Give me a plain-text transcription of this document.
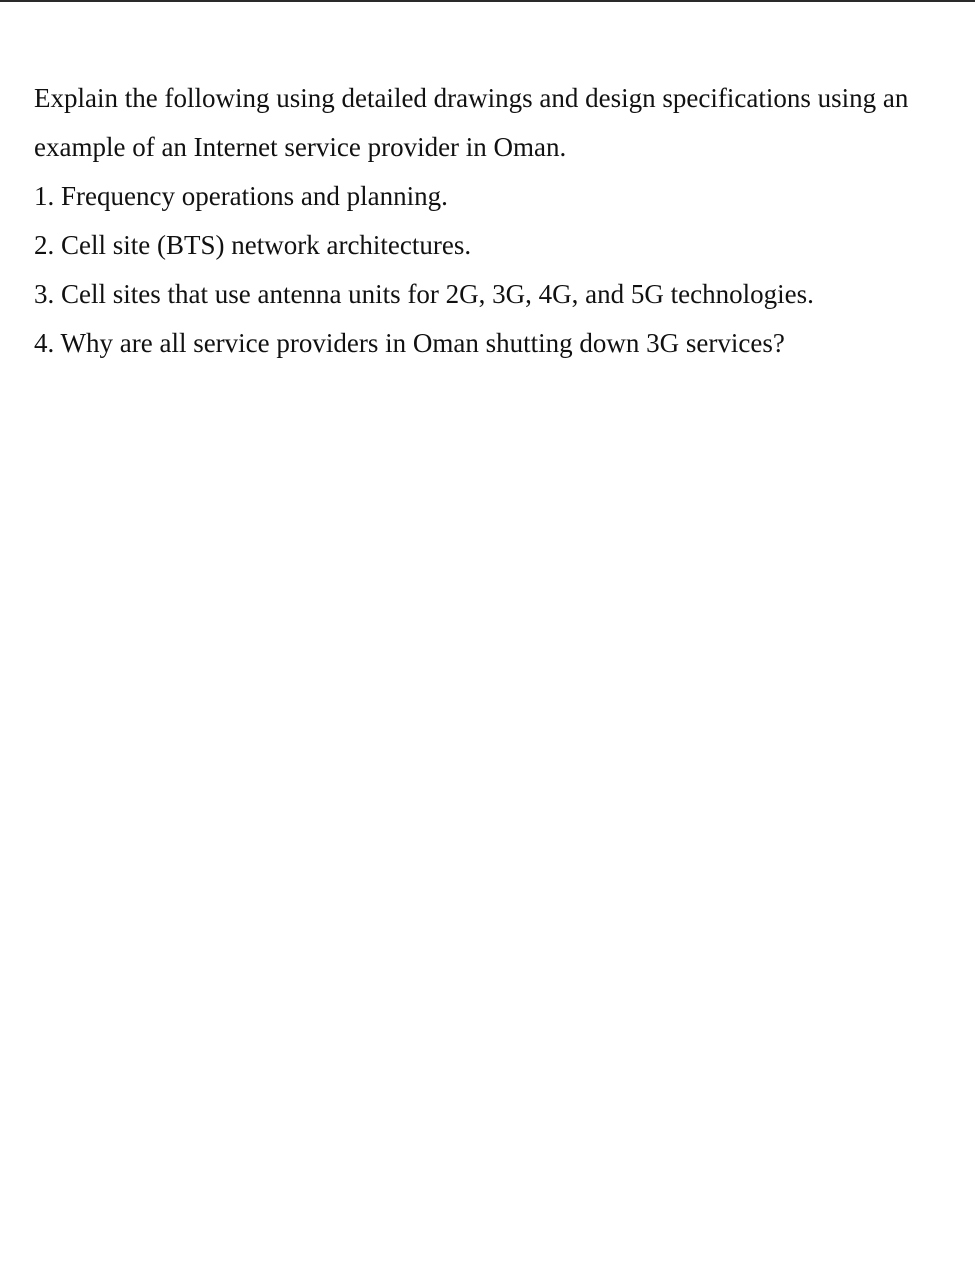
Explain the following using detailed drawings and design specifications using an

example of an Internet service provider in Oman.

1. Frequency operations and planning.

2. Cell site (BTS) network architectures.

3. Cell sites that use antenna units for 2G, 3G, 4G, and 5G technologies.

4. Why are all service providers in Oman shutting down 3G services?
